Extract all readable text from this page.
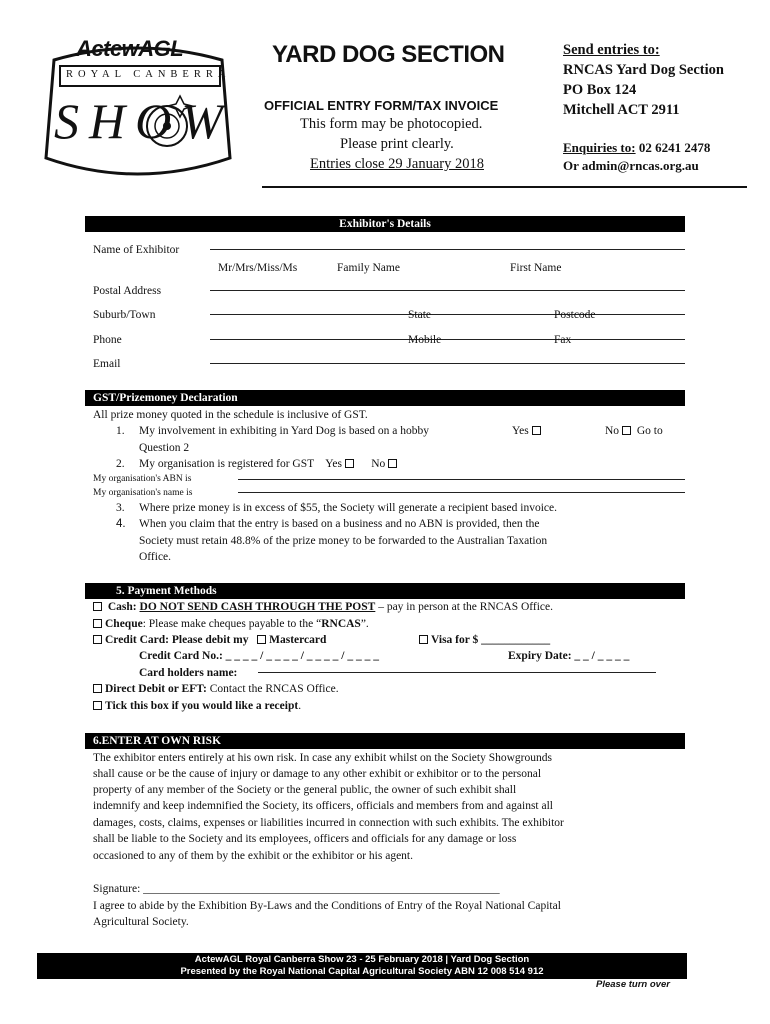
ActewAGL
ROYAL CANBERRA
SHOW
YARD DOG SECTION
OFFICIAL ENTRY FORM/TAX INVOICE
This form may be photocopied.
Please print clearly.
Entries close 29 January 2018
Send entries to:
RNCAS Yard Dog Section
PO Box 124
Mitchell ACT 2911
Enquiries to: 02 6241 2478
Or admin@rncas.org.au
Exhibitor's Details
Name of Exhibitor
Mr/Mrs/Miss/Ms	Family Name	First Name
Postal Address
Suburb/Town	State	Postcode
Phone	Mobile	Fax
Email
GST/Prizemoney Declaration
All prize money quoted in the schedule is inclusive of GST.
1. My involvement in exhibiting in Yard Dog is based on a hobby	Yes	No Go to
Question 2
2. My organisation is registered for GST Yes	No
My organisation's ABN is
My organisation's name is
3. Where prize money is in excess of $55, the Society will generate a recipient based invoice.
4. When you claim that the entry is based on a business and no ABN is provided, then the
Society must retain 48.8% of the prize money to be forwarded to the Australian Taxation
Office.
5. Payment Methods
Cash: DO NOT SEND CASH THROUGH THE POST – pay in person at the RNCAS Office.
Cheque: Please make cheques payable to the “RNCAS”.
Credit Card: Please debit my Mastercard	Visa for $ ____________
Credit Card No.: _ _ _ _ / _ _ _ _ / _ _ _ _ / _ _ _ _	Expiry Date: _ _ / _ _ _ _
Card holders name:
Direct Debit or EFT: Contact the RNCAS Office.
Tick this box if you would like a receipt.
6.ENTER AT OWN RISK
The exhibitor enters entirely at his own risk. In case any exhibit whilst on the Society Showgrounds
shall cause or be the cause of injury or damage to any other exhibit or exhibitor or to the personal
property of any member of the Society or the general public, the owner of such exhibit shall
indemnify and keep indemnified the Society, its officers, officials and members from and against all
damages, costs, claims, expenses or liabilities incurred in connection with such exhibits. The exhibitor
shall be liable to the Society and its employees, officers and officials for any damage or loss
occasioned to any of them by the exhibit or the exhibitor or his agent.
Signature: ______________________________________________________________
I agree to abide by the Exhibition By-Laws and the Conditions of Entry of the Royal National Capital
Agricultural Society.
ActewAGL Royal Canberra Show 23 - 25 February 2018 | Yard Dog Section
Presented by the Royal National Capital Agricultural Society ABN 12 008 514 912
Please turn over
